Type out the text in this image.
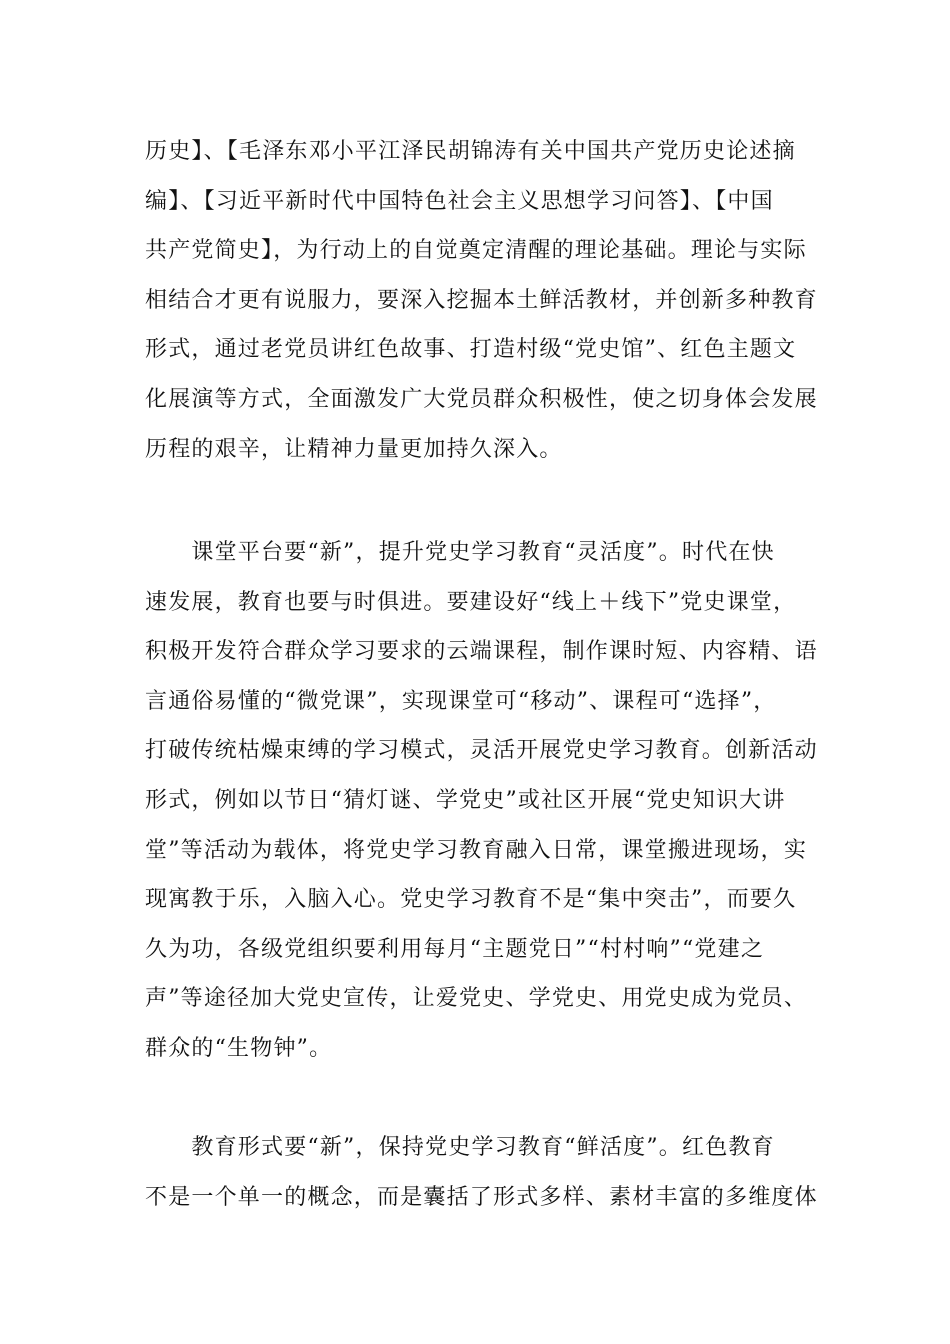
历史】、【毛泽东邓小平江泽民胡锦涛有关中国共产党历史论述摘
编】、【习近平新时代中国特色社会主义思想学习问答】、【中国
共产党简史】，为行动上的自觉奠定清醒的理论基础。理论与实际
相结合才更有说服力，要深入挖掘本土鲜活教材，并创新多种教育
形式，通过老党员讲红色故事、打造村级“党史馆”、红色主题文
化展演等方式，全面激发广大党员群众积极性，使之切身体会发展
历程的艰辛，让精神力量更加持久深入。
　　课堂平台要“新”，提升党史学习教育“灵活度”。时代在快
速发展，教育也要与时俱进。要建设好“线上＋线下”党史课堂，
积极开发符合群众学习要求的云端课程，制作课时短、内容精、语
言通俗易懂的“微党课”，实现课堂可“移动”、课程可“选择”，
打破传统枯燥束缚的学习模式，灵活开展党史学习教育。创新活动
形式，例如以节日“猜灯谜、学党史”或社区开展“党史知识大讲
堂”等活动为载体，将党史学习教育融入日常，课堂搬进现场，实
现寓教于乐，入脑入心。党史学习教育不是“集中突击”，而要久
久为功，各级党组织要利用每月“主题党日”“村村响”“党建之
声”等途径加大党史宣传，让爱党史、学党史、用党史成为党员、
群众的“生物钟”。
　　教育形式要“新”，保持党史学习教育“鲜活度”。红色教育
不是一个单一的概念，而是囊括了形式多样、素材丰富的多维度体
